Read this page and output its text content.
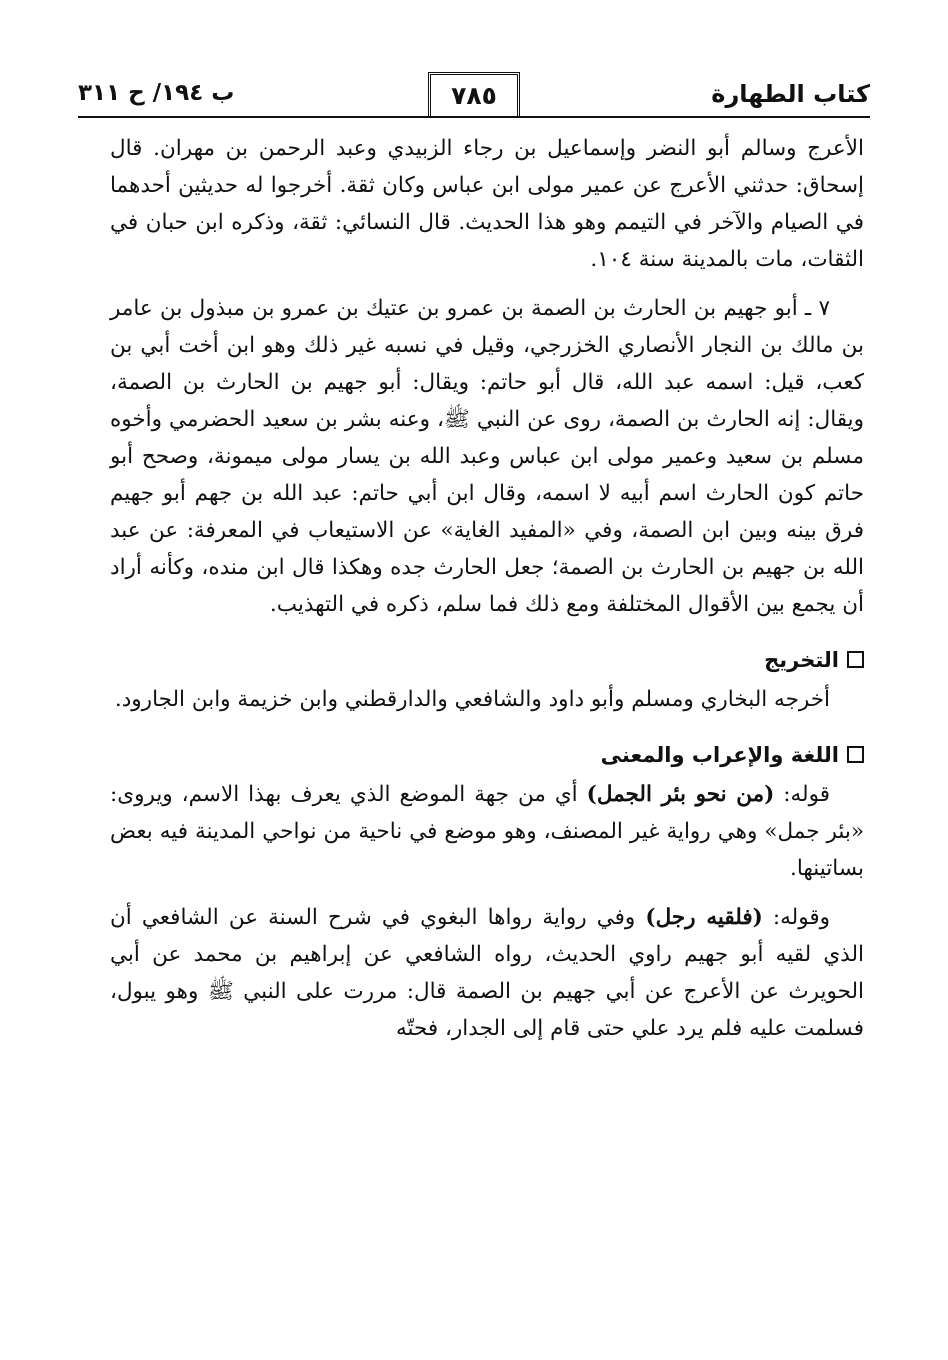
كتاب الطهارة
٧٨٥
ب ١٩٤/ ح ٣١١

الأعرج وسالم أبو النضر وإسماعيل بن رجاء الزبيدي وعبد الرحمن بن مهران. قال إسحاق: حدثني الأعرج عن عمير مولى ابن عباس وكان ثقة. أخرجوا له حديثين أحدهما في الصيام والآخر في التيمم وهو هذا الحديث. قال النسائي: ثقة، وذكره ابن حبان في الثقات، مات بالمدينة سنة ١٠٤.

٧ ـ أبو جهيم بن الحارث بن الصمة بن عمرو بن عتيك بن عمرو بن مبذول بن عامر بن مالك بن النجار الأنصاري الخزرجي، وقيل في نسبه غير ذلك وهو ابن أخت أبي بن كعب، قيل: اسمه عبد الله، قال أبو حاتم: ويقال: أبو جهيم بن الحارث بن الصمة، ويقال: إنه الحارث بن الصمة، روى عن النبي ﷺ، وعنه بشر بن سعيد الحضرمي وأخوه مسلم بن سعيد وعمير مولى ابن عباس وعبد الله بن يسار مولى ميمونة، وصحح أبو حاتم كون الحارث اسم أبيه لا اسمه، وقال ابن أبي حاتم: عبد الله بن جهم أبو جهيم فرق بينه وبين ابن الصمة، وفي «المفيد الغاية» عن الاستيعاب في المعرفة: عن عبد الله بن جهيم بن الحارث بن الصمة؛ جعل الحارث جده وهكذا قال ابن منده، وكأنه أراد أن يجمع بين الأقوال المختلفة ومع ذلك فما سلم، ذكره في التهذيب.

التخريج

أخرجه البخاري ومسلم وأبو داود والشافعي والدارقطني وابن خزيمة وابن الجارود.

اللغة والإعراب والمعنى

قوله: (من نحو بئر الجمل) أي من جهة الموضع الذي يعرف بهذا الاسم، ويروى: «بئر جمل» وهي رواية غير المصنف، وهو موضع في ناحية من نواحي المدينة فيه بعض بساتينها.

وقوله: (فلقيه رجل) وفي رواية رواها البغوي في شرح السنة عن الشافعي أن الذي لقيه أبو جهيم راوي الحديث، رواه الشافعي عن إبراهيم بن محمد عن أبي الحويرث عن الأعرج عن أبي جهيم بن الصمة قال: مررت على النبي ﷺ وهو يبول، فسلمت عليه فلم يرد علي حتى قام إلى الجدار، فحتّه
